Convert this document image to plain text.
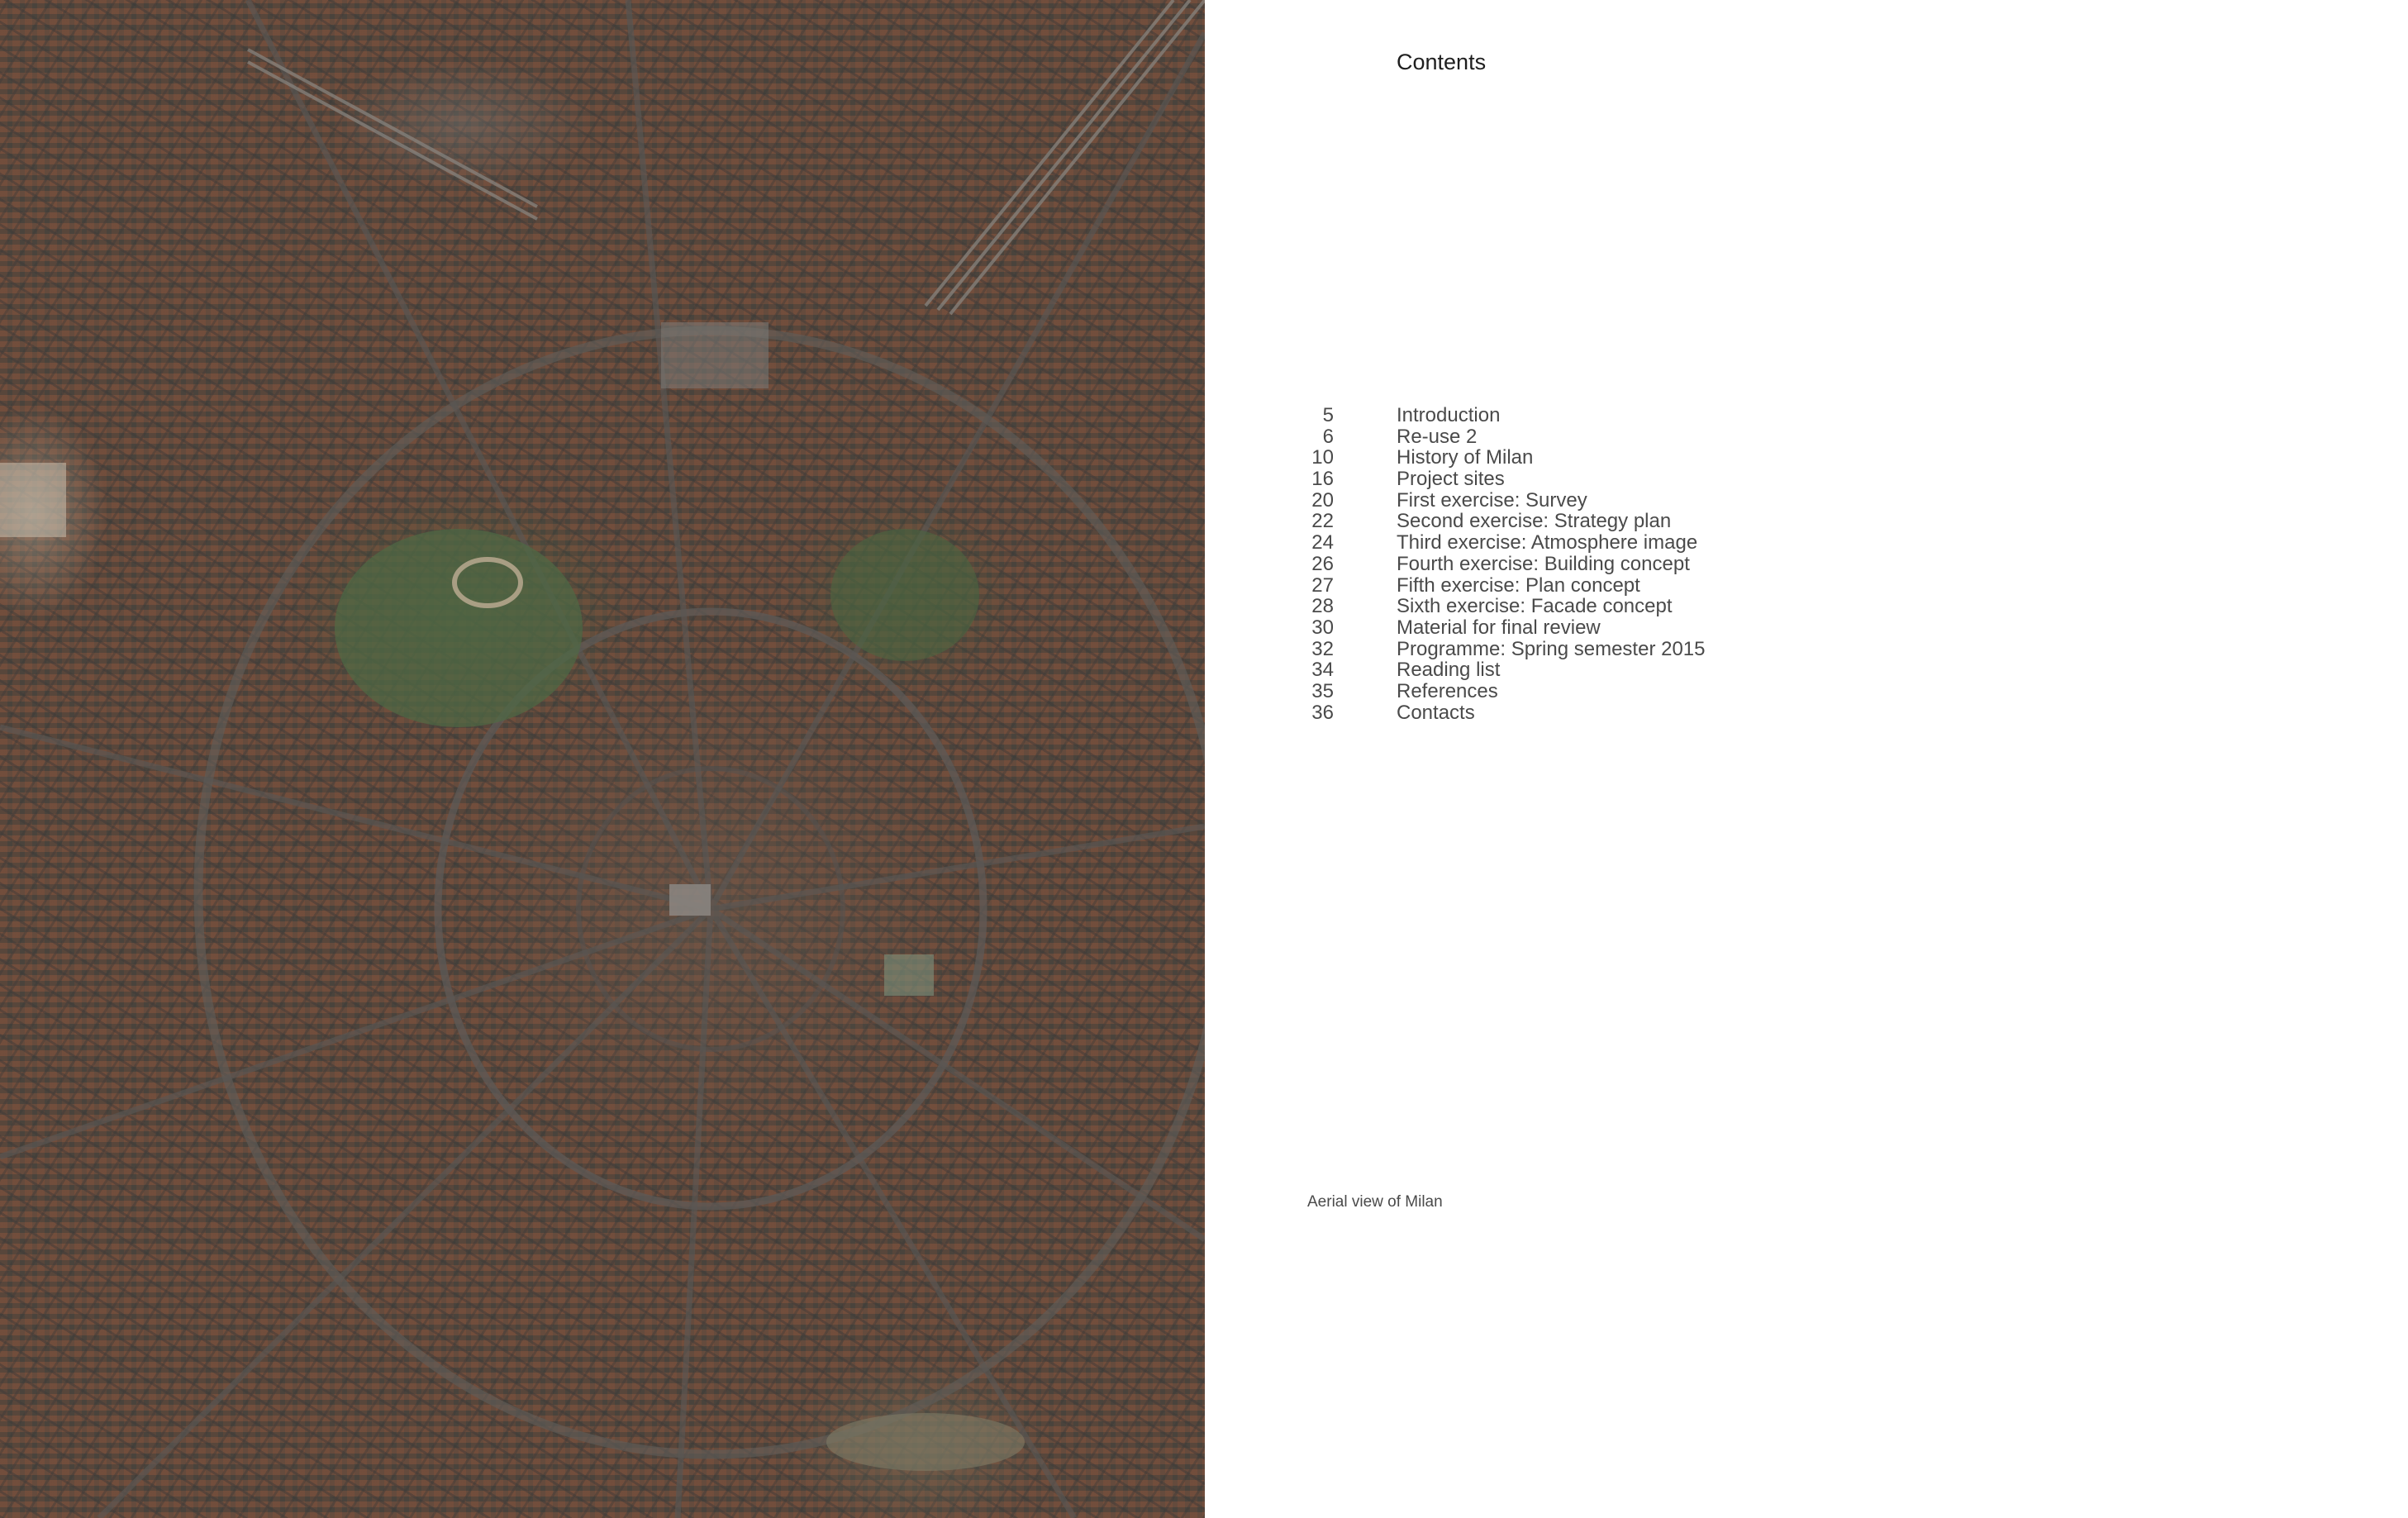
Contents
5	Introduction
6	Re-use 2
10	History of Milan
16	Project sites
20	First exercise: Survey
22	Second exercise: Strategy plan
24	Third exercise: Atmosphere image
26	Fourth exercise: Building concept
27	Fifth exercise: Plan concept
28	Sixth exercise: Facade concept
30	Material for final review
32	Programme: Spring semester 2015
34	Reading list
35	References
36	Contacts
Aerial view of Milan
